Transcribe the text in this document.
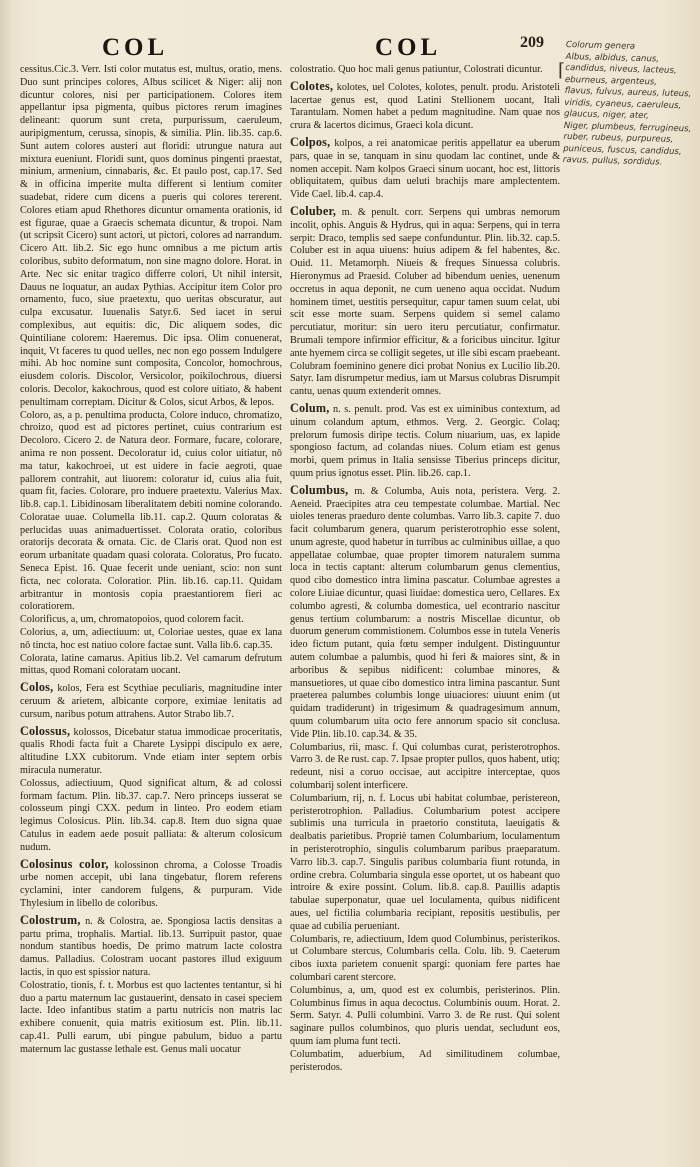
COL	COL	209
⌈
Colorum genera
Albus, albidus, canus,
candidus, niveus, lacteus,
eburneus, argenteus,
flavus, fulvus, aureus, luteus,
viridis, cyaneus, caeruleus,
glaucus, niger, ater,
Niger, plumbeus, ferrugineus,
ruber, rubeus, purpureus,
puniceus, fuscus, candidus,
ravus, pullus, sordidus.

cessitus.Cic.3. Verr. Isti color mutatus est, multus, oratio, mens. Duo sunt principes colores, Albus scilicet & Niger: alij non dicuntur colores, nisi per participationem. Colores item appellantur ipsa pigmenta, quibus pictores rerum imagines delineant: quorum sunt creta, purpurissum, caeruleum, auripigmentum, cerussa, sinopis, & similia. Plin. lib.35. cap.6. Sunt autem colores austeri aut floridi: utrungue natura aut mixtura eueniunt. Floridi sunt, quos dominus pingenti praestat, minium, armenium, cinnabaris, &c. Et paulo post, cap.17. Sed & in officina imperite multa different si lentium comiter suadebat, ridere cum dicens a pueris qui colores tererent. Colores etiam apud Rhethores dicuntur ornamenta orationis, id est figurae, quae a Graecis schemata dicuntur, & tropoi. Nam (ut scripsit Cicero) sunt actori, ut pictori, colores ad narrandum. Cicero Att. lib.2. Sic ego hunc omnibus a me pictum artis coloribus, subito deformatum, non sine magno dolore. Horat. in Arte. Nec sic enitar tragico differre colori, Ut nihil intersit, Dauus ne loquatur, an audax Pythias. Accipitur item Color pro ornamento, fuco, siue praetextu, quo ueritas obscuratur, aut culpa excusatur. Iuuenalis Satyr.6. Sed iacet in serui complexibus, aut equitis: dic, Dic aliquem sodes, dic Quintiliane colorem: Haeremus. Dic ipsa. Olim conuenerat, inquit, Vt faceres tu quod uelles, nec non ego possem Indulgere mihi. Ab hoc nomine sunt composita, Concolor, homochrous, eiusdem coloris. Discolor, Versicolor, poikilochrous, diuersi coloris. Decolor, kakochrous, quod est colore uitiato, & habent penultimam correptam. Dicitur & Colos, sicut Arbos, & lepos.

Coloro, as, a p. penultima producta, Colore induco, chromatizo, chroizo, quod est ad pictores pertinet, cuius contrarium est Decoloro. Cicero 2. de Natura deor. Formare, fucare, colorare, anima re non possent. Decoloratur id, cuius color uitiatur, nô ma tatur, kakochroei, ut est uidere in facie aegroti, quae pallorem contrahit, aut liuorem: coloratur id, cuius alia fuit, quam fit, facies. Colorare, pro induere praetextu. Valerius Max. lib.8. cap.1. Libidinosam liberalitatem debiti nomine colorando. Coloratae uuae. Columella lib.11. cap.2. Quum coloratas & perlucidas uuas animaduertisset. Colorata oratio, coloribus oratorijs decorata & ornata. Cic. de Claris orat. Quod non est eorum urbanitate quadam quasi colorata. Coloratus, Pro fucato. Seneca Epist. 16. Quae fecerit unde ueniant, scio: non sunt ficta, nec colorata. Coloratior. Plin. lib.16. cap.11. Quidam arbitrantur in montosis copia praestantiorem fieri ac coloratiorem.

Colorificus, a, um, chromatopoios, quod colorem facit.

Colorius, a, um, adiectiuum: ut, Coloriae uestes, quae ex lana nô tincta, hoc est natiuo colore factae sunt. Valla lib.6. cap.35.

Colorata, latine camarus. Apitius lib.2. Vel camarum defrutum mittas, quod Romani coloratam uocant.

Colos, kolos, Fera est Scythiae peculiaris, magnitudine inter ceruum & arietem, albicante corpore, eximiae lenitatis ad cursum, naribus potum attrahens. Autor Strabo lib.7.

Colossus, kolossos, Dicebatur statua immodicae proceritatis, qualis Rhodi facta fuit a Charete Lysippi discipulo ex aere, altitudine LXX cubitorum. Vnde etiam inter septem orbis miracula numeratur.

Colossus, adiectiuum, Quod significat altum, & ad colossi formam factum. Plin. lib.37. cap.7. Nero princeps iusserat se colosseum pingi CXX. pedum in linteo. Pro eodem etiam legimus Colosicus. Plin. lib.34. cap.8. Item duo signa quae Catulus in eadem aede posuit palliata: & alterum colosicum nudum.

Colosinus color, kolossinon chroma, a Colosse Troadis urbe nomen accepit, ubi lana tingebatur, florem referens cyclamini, inter candorem fulgens, & purpuram. Vide Thylesium in libello de coloribus.

Colostrum, n. & Colostra, ae. Spongiosa lactis densitas a partu prima, trophalis. Martial. lib.13. Surripuit pastor, quae nondum stantibus hoedis, De primo matrum lacte colostra damus. Palladius. Colostram uocant pastores illud exiguum lactis, in quo est spissior natura.

Colostratio, tionis, f. t. Morbus est quo lactentes tentantur, si hi duo a partu maternum lac gustauerint, densato in casei speciem lacte. Ideo infantibus statim a partu nutricis non matris lac exhibere conuenit, quia matris exitiosum est. Plin. lib.11. cap.41. Pulli earum, ubi pingue pabulum, biduo a partu maternum lac gustasse lethale est. Genus mali uocatur

colostratio. Quo hoc mali genus patiuntur, Colostrati dicuntur.

Colotes, kolotes, uel Colotes, kolotes, penult. produ. Aristoteli lacertae genus est, quod Latini Stellionem uocant, Itali Tarantulam. Nomen habet a pedum magnitudine. Nam quae nos crura & lacertos dicimus, Graeci kola dicunt.

Colpos, kolpos, a rei anatomicae peritis appellatur ea uberum pars, quae in se, tanquam in sinu quodam lac continet, unde & nomen accepit. Nam kolpos Graeci sinum uocant, hoc est, littoris obliquitatem, quibus dam ueluti brachijs mare amplectentem. Vide Cael. lib.4. cap.4.

Coluber, m. & penult. corr. Serpens qui umbras nemorum incolit, ophis. Anguis & Hydrus, qui in aqua: Serpens, qui in terra serpit: Draco, templis sed saepe confunduntur. Plin. lib.32. cap.5. Coluber est in aqua uiuens: huius adipem & fel habentes, &c. Ouid. 11. Metamorph. Niueis & freques Sinuessa colubris. Hieronymus ad Praesid. Coluber ad bibendum uenies, uenenum occretus in aqua deponit, ne cum ueneno aqua occidat. Nudum hominem timet, uestitis persequitur, capur tamen suum celat, ubi scit esse morte suam. Serpens quidem si semel calamo percutiatur, moritur: sin uero iteru percutiatur, confirmatur. Brumali tempore infirmior efficitur, & a foricibus uincitur. Igitur ante hyemem circa se colligit segetes, ut ille sibi escam praebeant. Colubram foeminino genere dici probat Nonius ex Lucilio lib.20. Satyr. Iam disrumpetur medius, iam ut Marsus colubras Disrumpit cantu, uenas quum extenderit omnes.

Colum, n. s. penult. prod. Vas est ex uiminibus contextum, ad uinum colandum aptum, ethmos. Verg. 2. Georgic. Colaq; prelorum fumosis diripe tectis. Colum niuarium, uas, ex lapide spongioso factum, ad colandas niues. Colum etiam est genus morbi, quem primus in Italia sensisse Tiberius princeps dicitur, quum prius ignotus esset. Plin. lib.26. cap.1.

Columbus, m. & Columba, Auis nota, peristera. Verg. 2. Aeneid. Praecipites atra ceu tempestate columbae. Martial. Nec uioles teneras praeduro dente columbas. Varro lib.3. capite 7. duo facit columbarum genera, quarum peristerotrophio esse solent, unum agreste, quod habetur in turribus ac culminibus uillae, a quo appellatae columbae, quae propter timorem naturalem summa loca in tectis captant: alterum columbarum genus clementius, quod cibo domestico intra limina pascatur. Columbae agrestes a colore Liuiae dicuntur, quasi liuidae: domestica uero, Cellares. Ex columbo agresti, & columba domestica, uel econtrario nascitur genus tertium columbarum: a nostris Miscellae dicuntur, ob duorum generum commistionem. Columbos esse in tutela Veneris ideo fictum putant, quia fœtu semper indulgent. Distinguuntur autem columbae a palumbis, quod hi feri & maiores sint, & in arboribus & sepibus nidificent: columbae minores, & mansuetiores, ut quae cibo domestico intra limina pascantur. Sunt praeterea palumbes columbis longe uiuaciores: uiuunt enim (ut quidam tradiderunt) in trigesimum & quadragesimum annum, quum columbarum uita octo fere annorum spacio sit conclusa. Vide Plin. lib.10. cap.34. & 35.

Columbarius, rii, masc. f. Qui columbas curat, peristerotrophos. Varro 3. de Re rust. cap. 7. Ipsae propter pullos, quos habent, utiq; redeunt, nisi a coruo occisae, aut accipitre interceptae, quos columbarij solent interficere.

Columbarium, rij, n. f. Locus ubi habitat columbae, peristereon, peristerotrophion. Palladius. Columbarium potest accipere sublimis una turricula in praetorio constituta, laeuigatis & dealbatis parietibus. Propriè tamen Columbarium, loculamentum in peristerotrophio, singulis columbarum paribus praeparatum. Varro lib.3. cap.7. Singulis paribus columbaria fiunt rotunda, in ordine crebra. Columbaria singula esse oportet, ut os habeant quo introire & exire possint. Colum. lib.8. cap.8. Pauillis adaptis tabulae superponatur, quae uel loculamenta, quibus nidificent aues, uel fictilia columbaria recipiant, repositis uestibulis, per quae ad cubilia perueniant.

Columbaris, re, adiectiuum, Idem quod Columbinus, peristerikos. ut Columbare stercus, Columbaris cella. Colu. lib. 9. Caeterum cibos iuxta parietem conuenit spargi: quoniam fere partes hae columbari carent stercore.

Columbinus, a, um, quod est ex columbis, peristerinos. Plin. Columbinus fimus in aqua decoctus. Columbinis ouum. Horat. 2. Serm. Satyr. 4. Pulli columbini. Varro 3. de Re rust. Qui solent saginare pullos columbinos, quo pluris uendat, secludunt eos, quum iam pluma funt tecti.

Columbatim, aduerbium, Ad similitudinem columbae, peristerodos.
